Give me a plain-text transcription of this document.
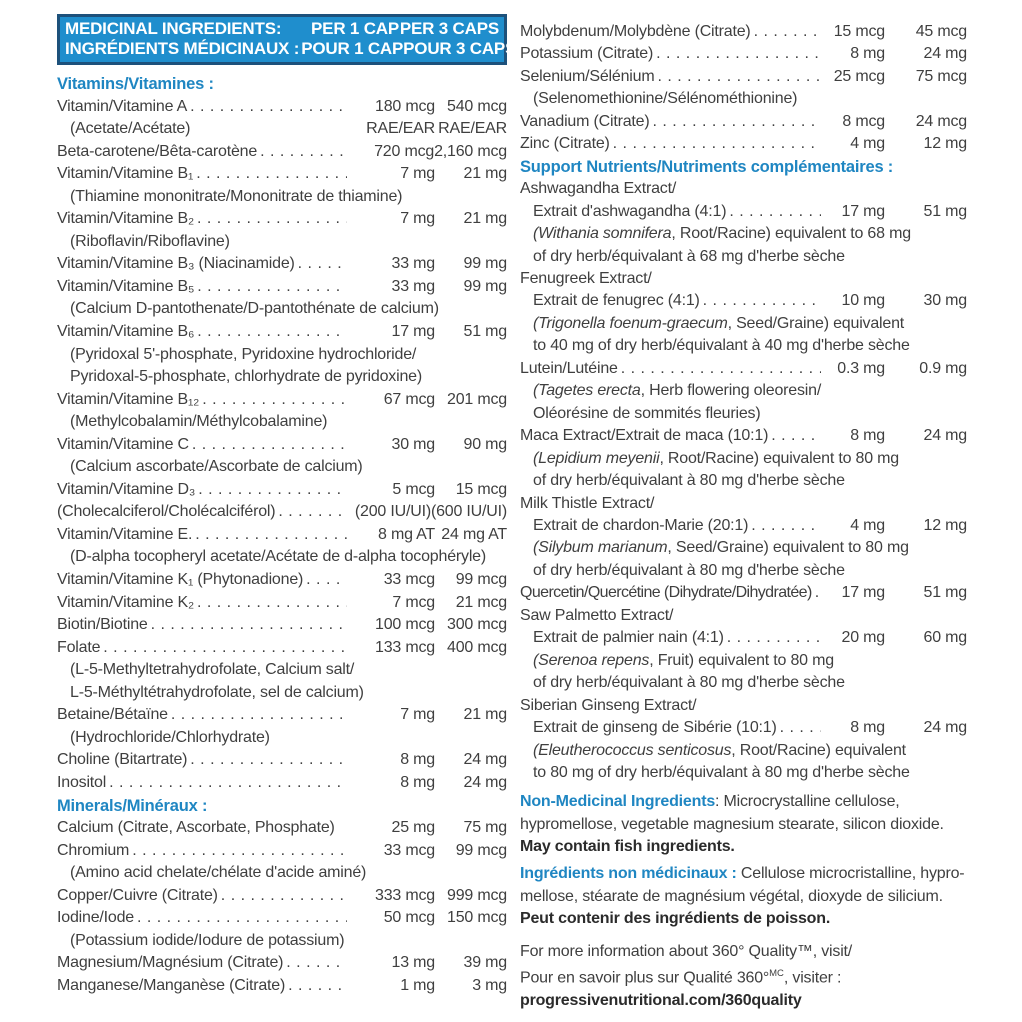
MEDICINAL INGREDIENTS:	PER 1 CAP PER 3 CAPS
INGRÉDIENTS MÉDICINAUX : POUR 1 CAP POUR 3 CAPS
Vitamins/Vitamines :
Vitamin/Vitamine A . . .	180 mcg 540 mcg
(Acetate/Acétate)	RAE/EAR RAE/EAR
Beta-carotene/Bêta-carotène . . .	720 mcg 2,160 mcg
Vitamin/Vitamine B₁ . . .	7 mg	21 mg
(Thiamine mononitrate/Mononitrate de thiamine)
Vitamin/Vitamine B₂ . . .	7 mg	21 mg
(Riboflavin/Riboflavine)
Vitamin/Vitamine B₃ (Niacinamide) . . .	33 mg	99 mg
Vitamin/Vitamine B₅ . . .	33 mg	99 mg
(Calcium D-pantothenate/D-pantothénate de calcium)
Vitamin/Vitamine B₆ . . .	17 mg	51 mg
(Pyridoxal 5'-phosphate, Pyridoxine hydrochloride/
Pyridoxal-5-phosphate, chlorhydrate de pyridoxine)
Vitamin/Vitamine B₁₂ . . .	67 mcg 201 mcg
(Methylcobalamin/Méthylcobalamine)
Vitamin/Vitamine C . . .	30 mg	90 mg
(Calcium ascorbate/Ascorbate de calcium)
Vitamin/Vitamine D₃ . . .	5 mcg	15 mcg
(Cholecalciferol/Cholécalciférol) . . .	(200 IU/UI) (600 IU/UI)
Vitamin/Vitamine E. . . .	8 mg AT 24 mg AT
(D-alpha tocopheryl acetate/Acétate de d-alpha tocophéryle)
Vitamin/Vitamine K₁ (Phytonadione) . . .	33 mcg	99 mcg
Vitamin/Vitamine K₂ . . .	7 mcg	21 mcg
Biotin/Biotine . . .	100 mcg 300 mcg
Folate . . .	133 mcg 400 mcg
(L-5-Methyltetrahydrofolate, Calcium salt/
L-5-Méthyltétrahydrofolate, sel de calcium)
Betaine/Bétaïne . . .	7 mg	21 mg
(Hydrochloride/Chlorhydrate)
Choline (Bitartrate) . . .	8 mg	24 mg
Inositol . . .	8 mg	24 mg
Minerals/Minéraux :
Calcium (Citrate, Ascorbate, Phosphate)	25 mg	75 mg
Chromium . . .	33 mcg	99 mcg
(Amino acid chelate/chélate d'acide aminé)
Copper/Cuivre (Citrate) . . .	333 mcg 999 mcg
Iodine/Iode . . .	50 mcg 150 mcg
(Potassium iodide/Iodure de potassium)
Magnesium/Magnésium (Citrate) . . .	13 mg	39 mg
Manganese/Manganèse (Citrate) . . .	1 mg	3 mg
Molybdenum/Molybdène (Citrate) . . .	15 mcg	45 mcg
Potassium (Citrate) . . .	8 mg	24 mg
Selenium/Sélénium . . .	25 mcg	75 mcg
(Selenomethionine/Sélénométhionine)
Vanadium (Citrate) . . .	8 mcg	24 mcg
Zinc (Citrate) . . .	4 mg	12 mg
Support Nutrients/Nutriments complémentaires :
Ashwagandha Extract/
Extrait d'ashwagandha (4:1) . . .	17 mg	51 mg
(Withania somnifera, Root/Racine) equivalent to 68 mg
of dry herb/équivalant à 68 mg d'herbe sèche
Fenugreek Extract/
Extrait de fenugrec (4:1) . . .	10 mg	30 mg
(Trigonella foenum-graecum, Seed/Graine) equivalent
to 40 mg of dry herb/équivalant à 40 mg d'herbe sèche
Lutein/Lutéine . . .	0.3 mg	0.9 mg
(Tagetes erecta, Herb flowering oleoresin/
Oléorésine de sommités fleuries)
Maca Extract/Extrait de maca (10:1) . . .	8 mg	24 mg
(Lepidium meyenii, Root/Racine) equivalent to 80 mg
of dry herb/équivalant à 80 mg d'herbe sèche
Milk Thistle Extract/
Extrait de chardon-Marie (20:1) . . .	4 mg	12 mg
(Silybum marianum, Seed/Graine) equivalent to 80 mg
of dry herb/équivalant à 80 mg d'herbe sèche
Quercetin/Quercétine (Dihydrate/Dihydratée) . . .	17 mg	51 mg
Saw Palmetto Extract/
Extrait de palmier nain (4:1) . . .	20 mg	60 mg
(Serenoa repens, Fruit) equivalent to 80 mg
of dry herb/équivalant à 80 mg d'herbe sèche
Siberian Ginseng Extract/
Extrait de ginseng de Sibérie (10:1) . . .	8 mg	24 mg
(Eleutherococcus senticosus, Root/Racine) equivalent
to 80 mg of dry herb/équivalant à 80 mg d'herbe sèche
Non-Medicinal Ingredients: Microcrystalline cellulose,
hypromellose, vegetable magnesium stearate, silicon dioxide.
May contain fish ingredients.
Ingrédients non médicinaux : Cellulose microcristalline, hypro-
mellose, stéarate de magnésium végétal, dioxyde de silicium.
Peut contenir des ingrédients de poisson.
For more information about 360° Quality™, visit/
Pour en savoir plus sur Qualité 360°$^{MC}$, visiter :
progressivenutritional.com/360quality
